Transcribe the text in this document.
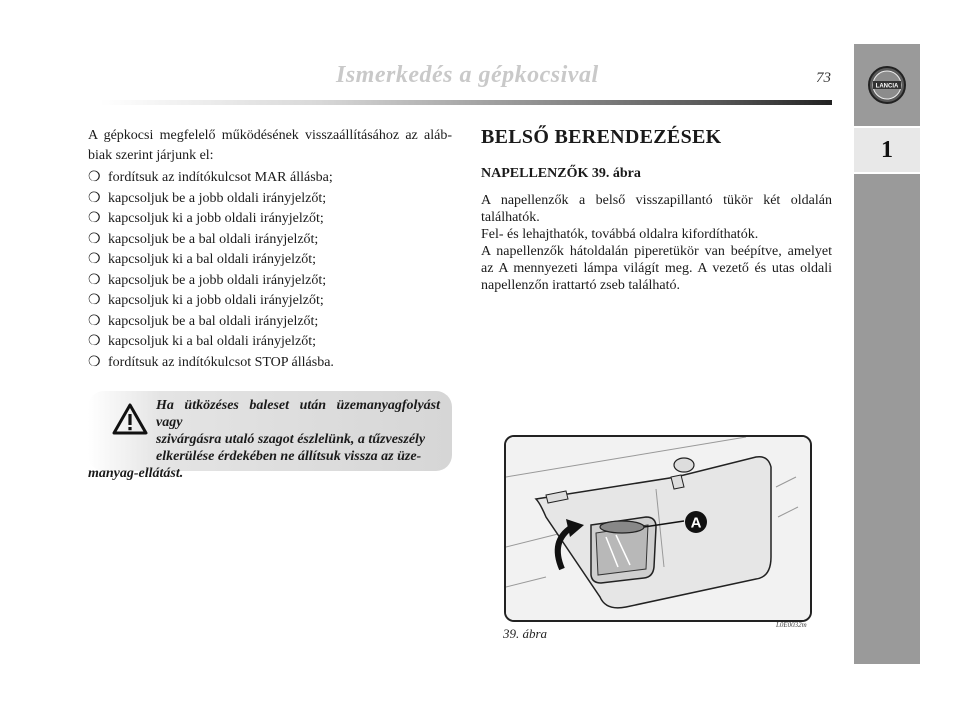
Ismerkedés a gépkocsival	73
LANCIA
1

A gépkocsi megfelelő működésének visszaállításához az aláb-biak szerint járjunk el:

❍ fordítsuk az indítókulcsot MAR állásba;
❍ kapcsoljuk be a jobb oldali irányjelzőt;
❍ kapcsoljuk ki a jobb oldali irányjelzőt;
❍ kapcsoljuk be a bal oldali irányjelzőt;
❍ kapcsoljuk ki a bal oldali irányjelzőt;
❍ kapcsoljuk be a jobb oldali irányjelzőt;
❍ kapcsoljuk ki a jobb oldali irányjelzőt;
❍ kapcsoljuk be a bal oldali irányjelzőt;
❍ kapcsoljuk ki a bal oldali irányjelzőt;
❍ fordítsuk az indítókulcsot STOP állásba.
Ha ütközéses baleset után üzemanyagfolyást vagy
szivárgásra utaló szagot észlelünk, a tűzveszély
elkerülése érdekében ne állítsuk vissza az üze-
manyag-ellátást.
BELSŐ BERENDEZÉSEK
NAPELLENZŐK 39. ábra

A napellenzők a belső visszapillantó tükör két oldalán találhatók.

Fel- és lehajthatók, továbbá oldalra kifordíthatók.

A napellenzők hátoldalán piperetükör van beépítve, amelyet az A mennyezeti lámpa világít meg. A vezető és utas oldali napellenzőn irattartó zseb található.

A
39. ábra
L0E0032m
